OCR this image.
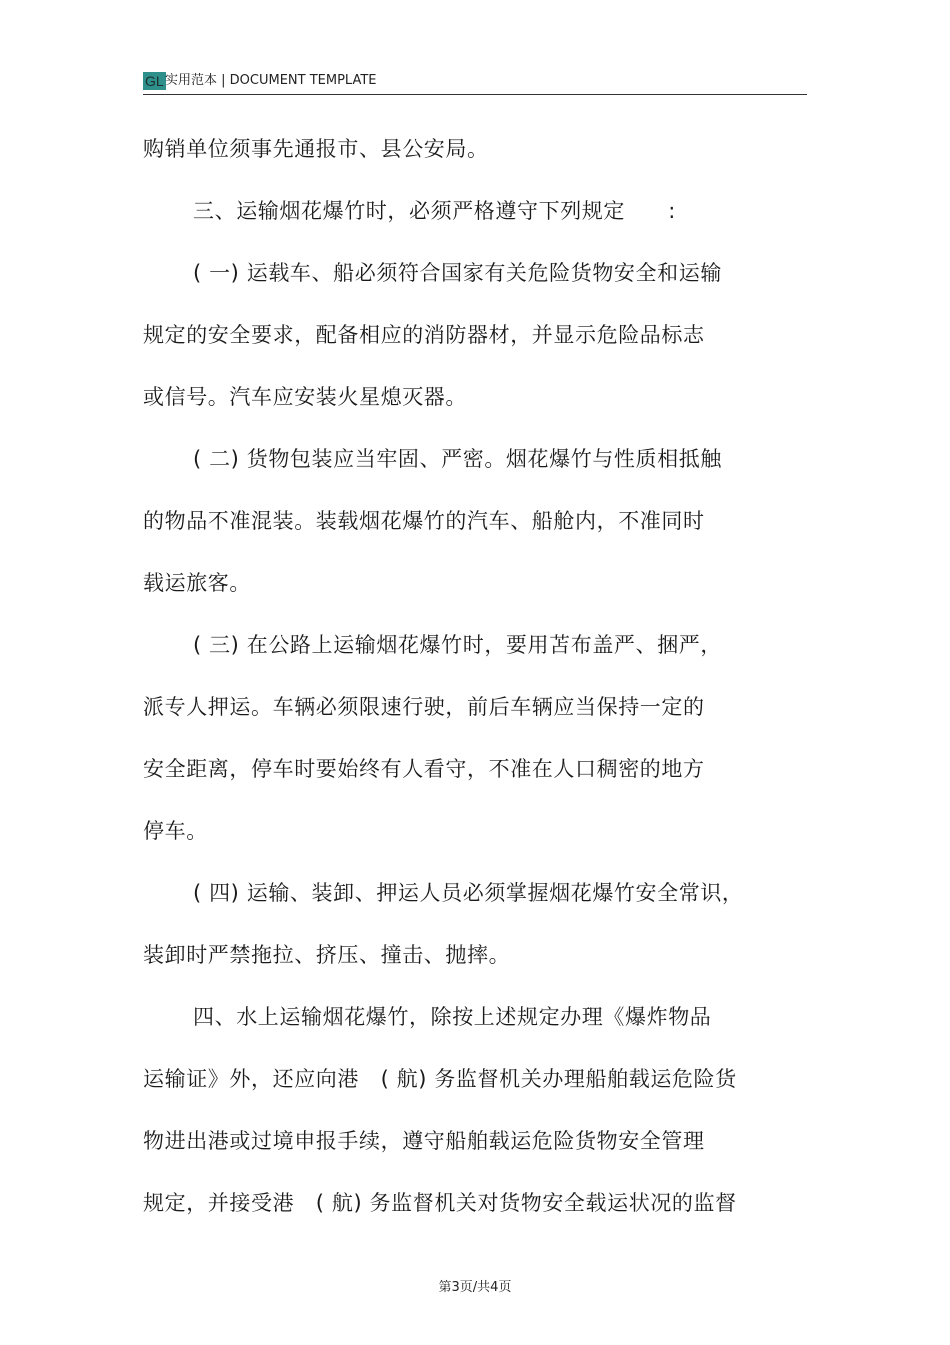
GL 实用范本 | DOCUMENT TEMPLATE
购销单位须事先通报市、县公安局。
三、运输烟花爆竹时，必须严格遵守下列规定　　:
( 一) 运载车、船必须符合国家有关危险货物安全和运输
规定的安全要求，配备相应的消防器材，并显示危险品标志
或信号。汽车应安装火星熄灭器。
( 二) 货物包装应当牢固、严密。烟花爆竹与性质相抵触
的物品不准混装。装载烟花爆竹的汽车、船舱内，不准同时
载运旅客。
( 三) 在公路上运输烟花爆竹时，要用苫布盖严、捆严，
派专人押运。车辆必须限速行驶，前后车辆应当保持一定的
安全距离，停车时要始终有人看守，不准在人口稠密的地方
停车。
( 四) 运输、装卸、押运人员必须掌握烟花爆竹安全常识，
装卸时严禁拖拉、挤压、撞击、抛摔。
四、水上运输烟花爆竹，除按上述规定办理《爆炸物品
运输证》外，还应向港　( 航) 务监督机关办理船舶载运危险货
物进出港或过境申报手续，遵守船舶载运危险货物安全管理
规定，并接受港　( 航) 务监督机关对货物安全载运状况的监督
第3页/共4页
